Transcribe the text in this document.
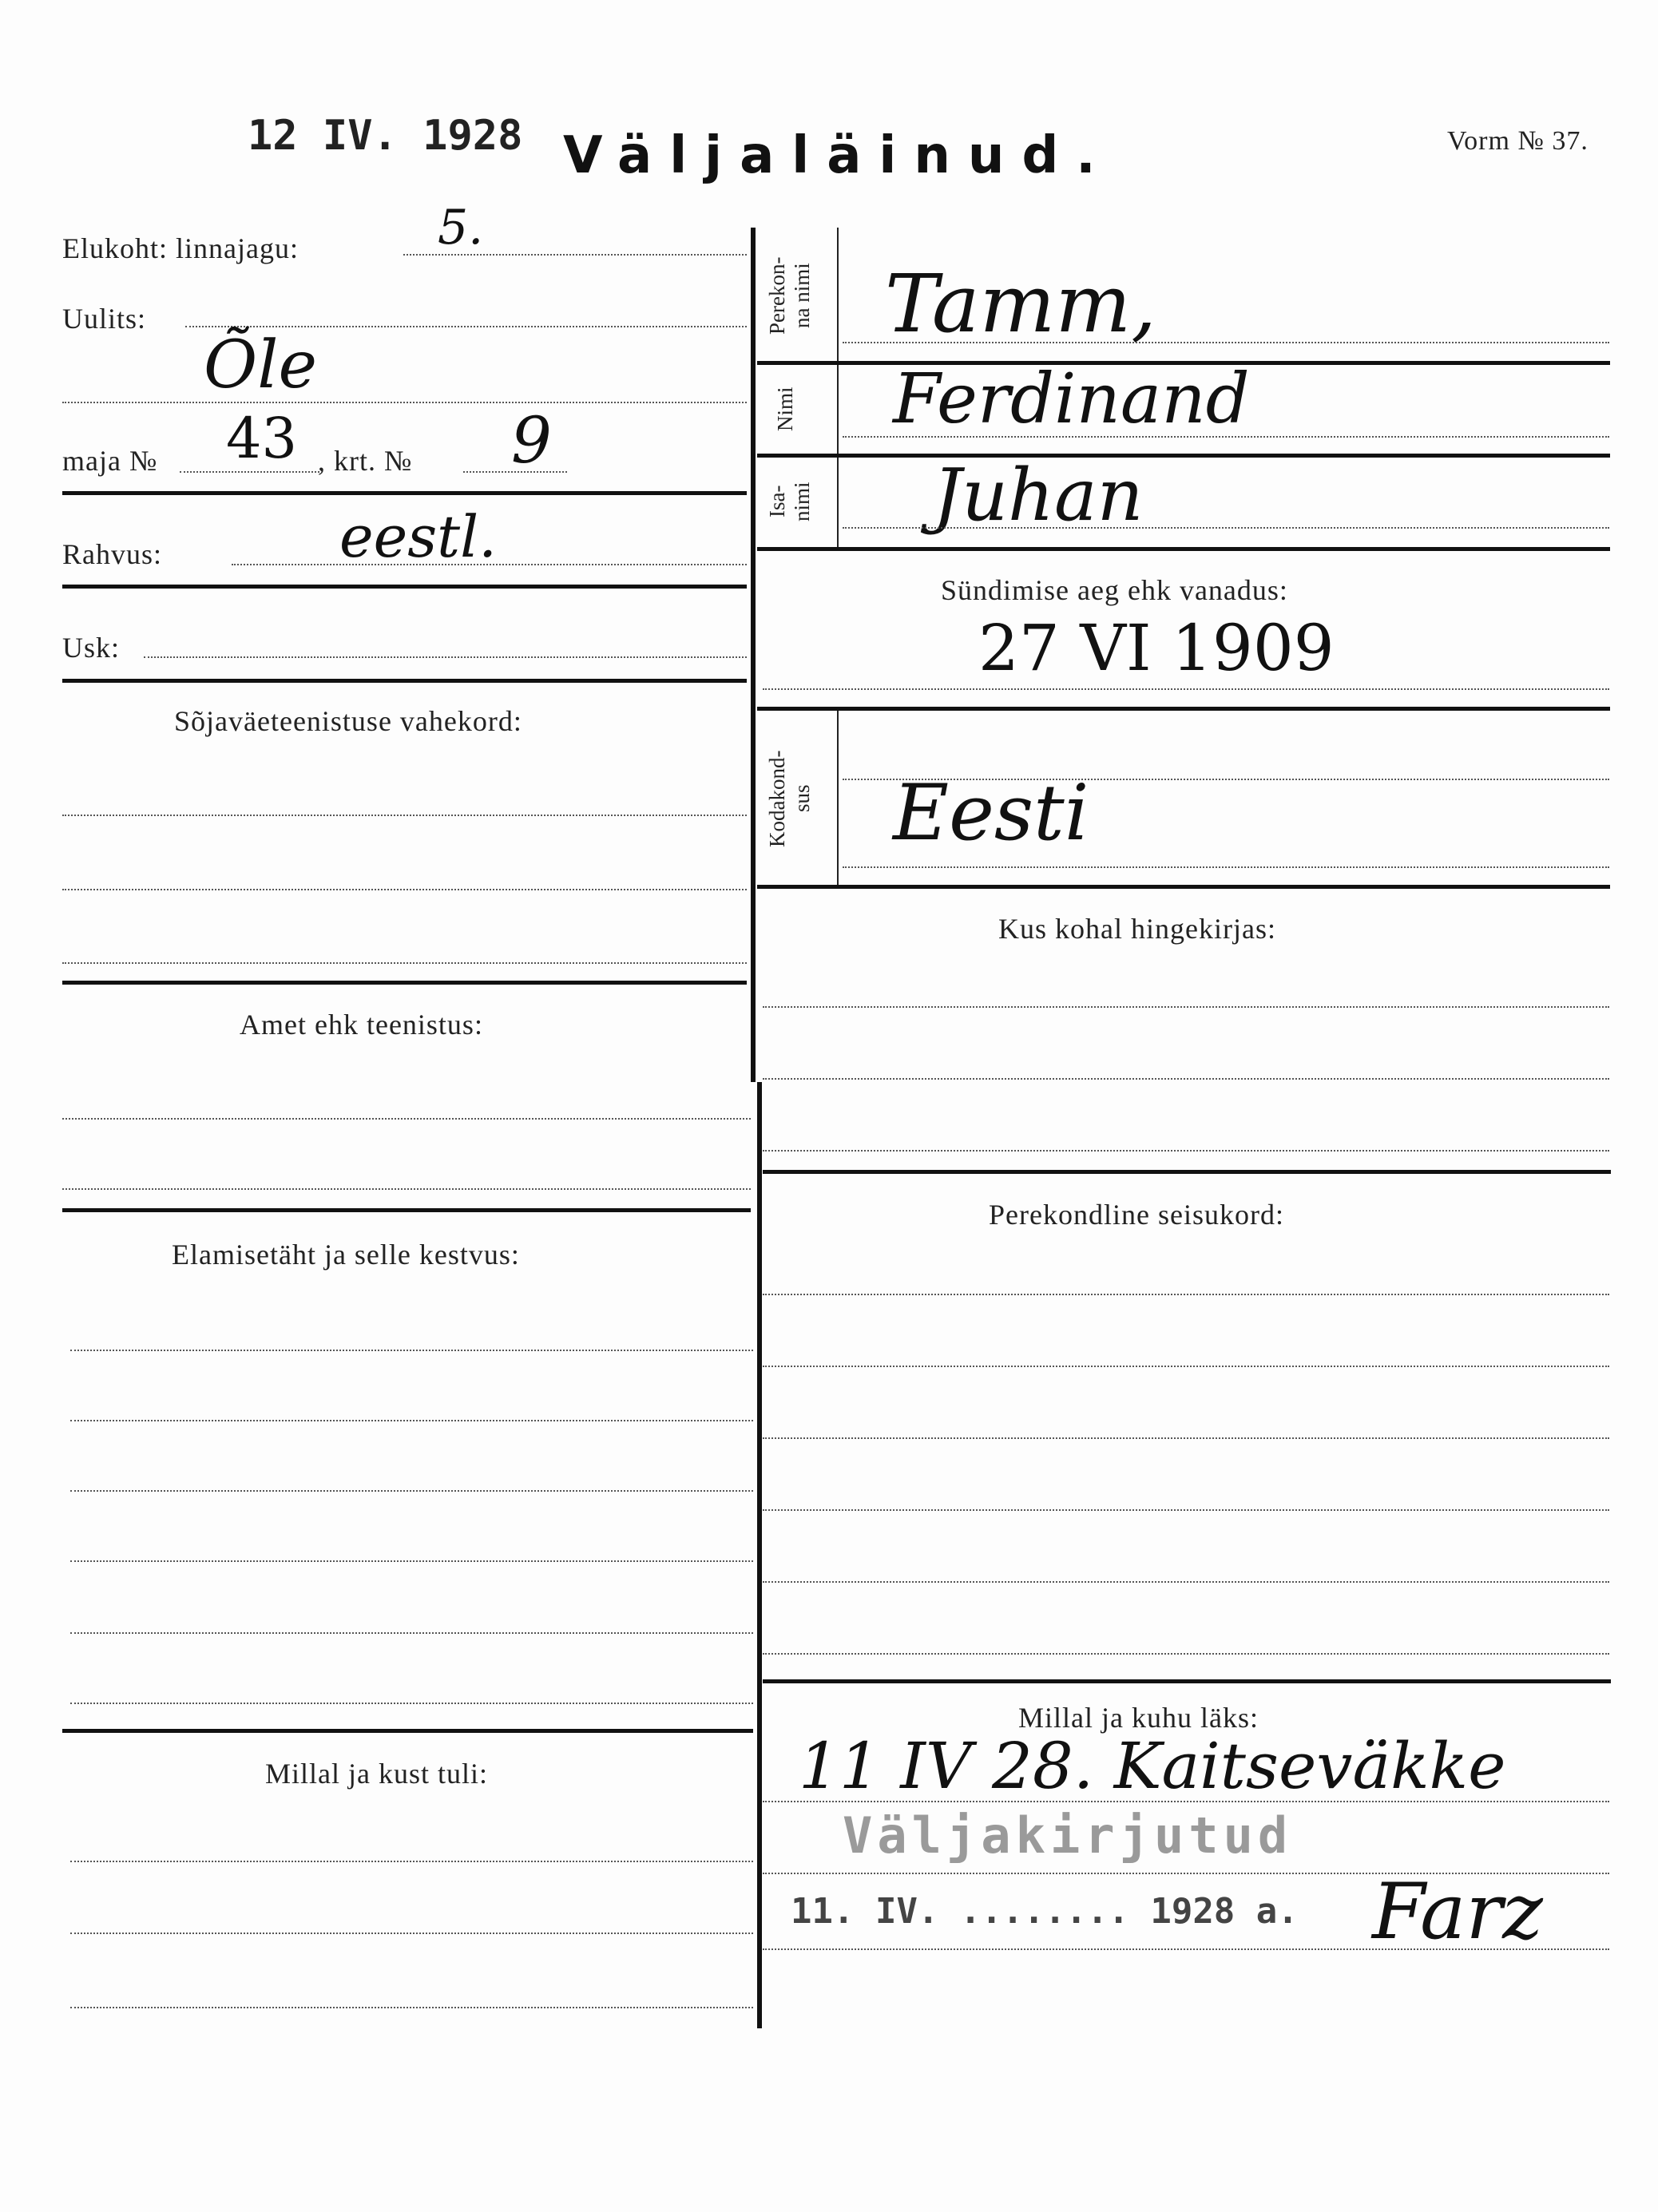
12 IV. 1928 Väljaläinud.	Vorm № 37.
Elukoht: linnajagu:	5.
Uulits:
Õle
maja № 43 , krt. № 9
Rahvus:	eestl.
Usk:
Sõjaväeteenistuse vahekord:
Amet ehk teenistus:
Elamisetäht ja selle kestvus:
Millal ja kust tuli:
Perekon-
na nimi Tamm,
Nimi	Ferdinand
Isa-
nimi Juhan
Sündimise aeg ehk vanadus:
27 VI 1909
Kodakond-
sus Eesti
Kus kohal hingekirjas:
Perekondline seisukord:
Millal ja kuhu läks:
11 IV 28. Kaitseväkke
Väljakirjutud
11. IV. ........ 1928 a. Farz
